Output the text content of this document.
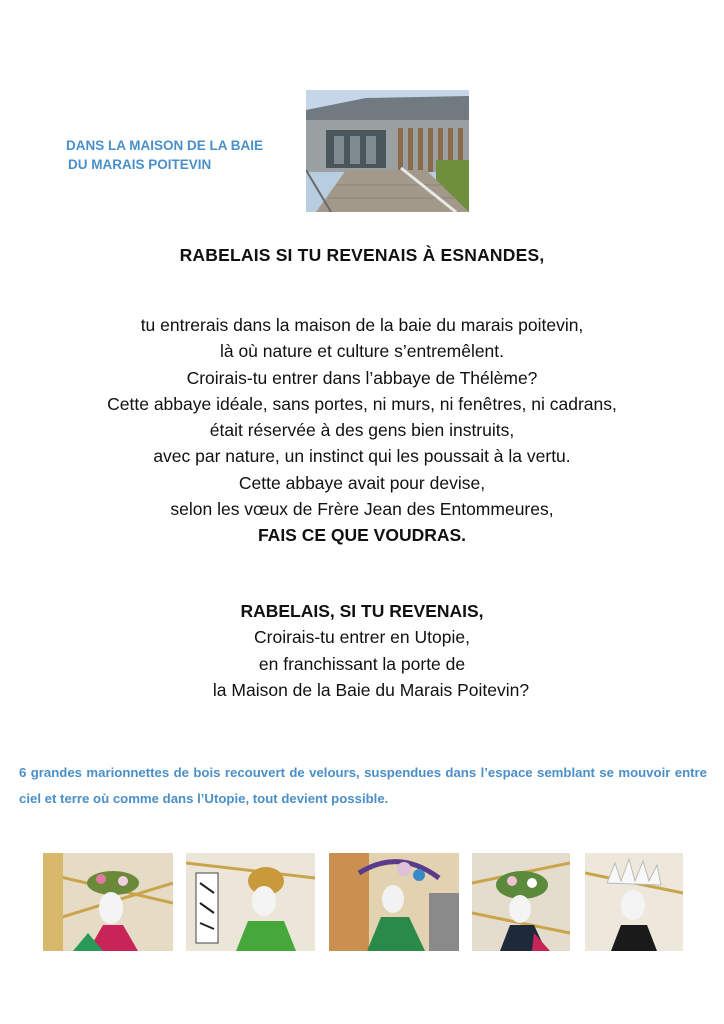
DANS LA MAISON DE LA BAIE
DU MARAIS POITEVIN
RABELAIS SI TU REVENAIS À ESNANDES,
tu entrerais dans la maison de la baie du marais poitevin,
là où nature et culture s’entremêlent.
Croirais-tu entrer dans l’abbaye de Thélème?
Cette abbaye idéale, sans portes, ni murs, ni fenêtres, ni cadrans,
était réservée à des gens bien instruits,
avec par nature, un instinct qui les poussait à la vertu.
Cette abbaye avait pour devise,
selon les vœux de Frère Jean des Entommeures,
FAIS CE QUE VOUDRAS.
RABELAIS, SI TU REVENAIS,
Croirais-tu entrer en Utopie,
en franchissant la porte de
la Maison de la Baie du Marais Poitevin?
6 grandes marionnettes de bois recouvert de velours, suspendues dans l’espace semblant se mouvoir entre ciel et terre où comme dans l’Utopie, tout devient possible.
